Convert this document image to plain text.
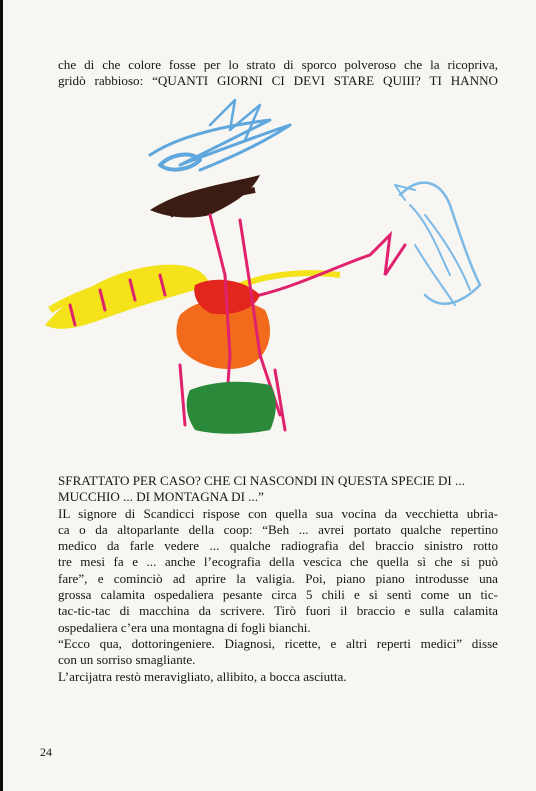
che di che colore fosse per lo strato di sporco polveroso che la ricopriva,
gridò rabbioso: “QUANTI GIORNI CI DEVI STARE QUIII? TI HANNO
SFRATTATO PER CASO? CHE CI NASCONDI IN QUESTA SPECIE DI ...
MUCCHIO ... DI MONTAGNA DI ...”
IL signore di Scandicci rispose con quella sua vocina da vecchietta ubria-
ca o da altoparlante della coop: “Beh ... avrei portato qualche repertino
medico da farle vedere ... qualche radiografia del braccio sinistro rotto
tre mesi fa e ... anche l’ecografia della vescica che quella sì che si può
fare”, e cominciò ad aprire la valigia. Poi, piano piano introdusse una
grossa calamita ospedaliera pesante circa 5 chili e si sentì come un tic-
tac-tic-tac di macchina da scrivere. Tirò fuori il braccio e sulla calamita
ospedaliera c’era una montagna di fogli bianchi.
“Ecco qua, dottoringeniere. Diagnosi, ricette, e altri reperti medici” disse
con un sorriso smagliante.
L’arcijatra restò meravigliato, allibito, a bocca asciutta.
24
